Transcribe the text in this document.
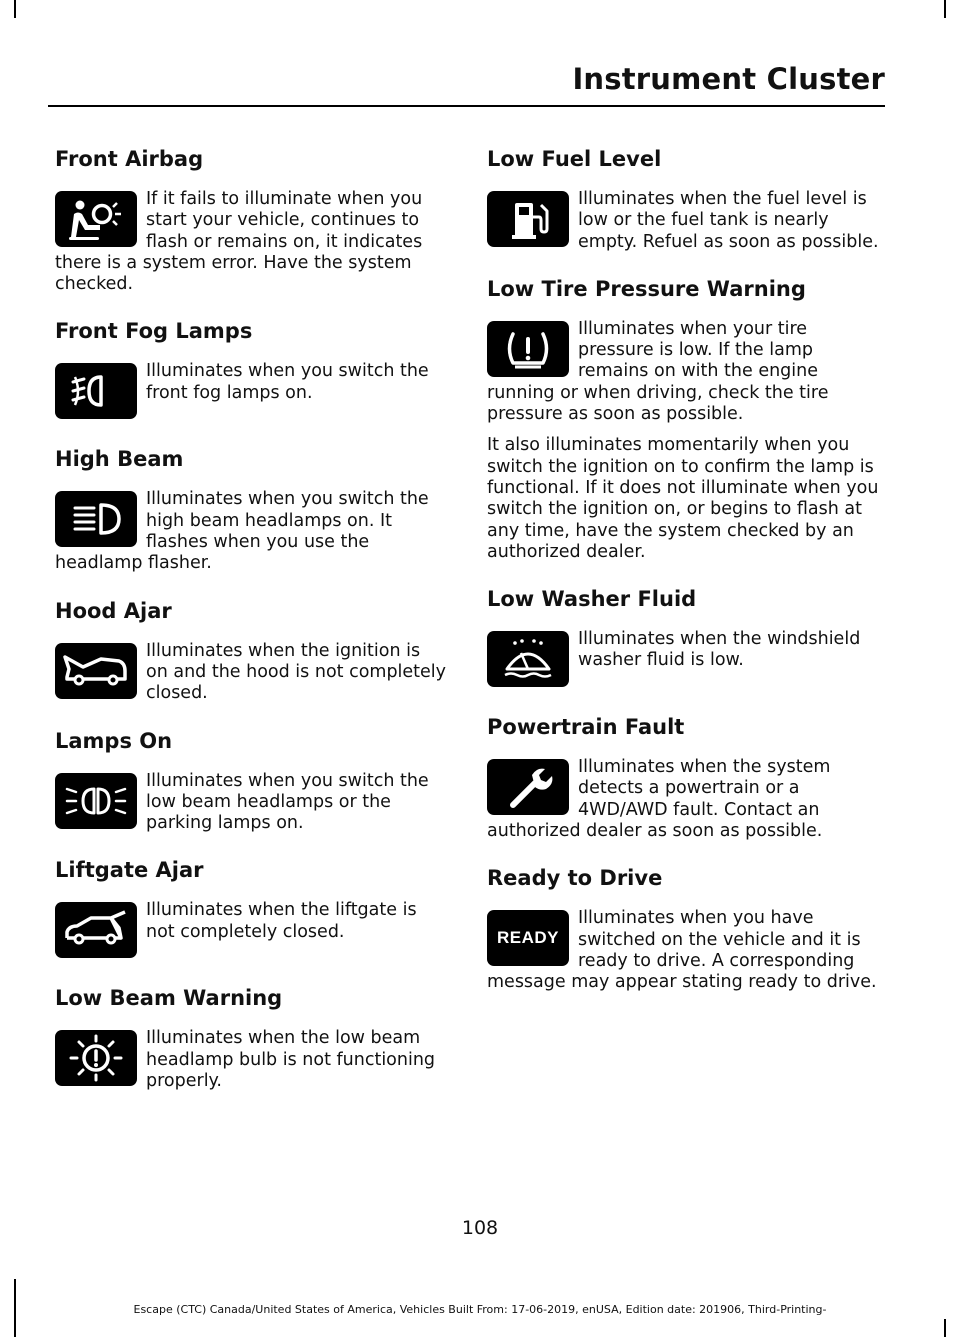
Instrument Cluster
Front Airbag

If it fails to illuminate when you start your vehicle, continues to flash or remains on, it indicates there is a system error. Have the system checked.

Front Fog Lamps

Illuminates when you switch the front fog lamps on.

High Beam

Illuminates when you switch the high beam headlamps on. It flashes when you use the headlamp flasher.

Hood Ajar

Illuminates when the ignition is on and the hood is not completely closed.

Lamps On

Illuminates when you switch the low beam headlamps or the parking lamps on.

Liftgate Ajar

Illuminates when the liftgate is not completely closed.

Low Beam Warning

Illuminates when the low beam headlamp bulb is not functioning properly.

Low Fuel Level

Illuminates when the fuel level is low or the fuel tank is nearly empty. Refuel as soon as possible.

Low Tire Pressure Warning

Illuminates when your tire pressure is low. If the lamp remains on with the engine running or when driving, check the tire pressure as soon as possible.

It also illuminates momentarily when you switch the ignition on to confirm the lamp is functional. If it does not illuminate when you switch the ignition on, or begins to flash at any time, have the system checked by an authorized dealer.

Low Washer Fluid

Illuminates when the windshield washer fluid is low.

Powertrain Fault

Illuminates when the system detects a powertrain or a 4WD/AWD fault. Contact an authorized dealer as soon as possible.

Ready to Drive
READY

Illuminates when you have switched on the vehicle and it is ready to drive. A corresponding message may appear stating ready to drive.

108
Escape (CTC) Canada/United States of America, Vehicles Built From: 17-06-2019, enUSA, Edition date: 201906, Third-Printing-
